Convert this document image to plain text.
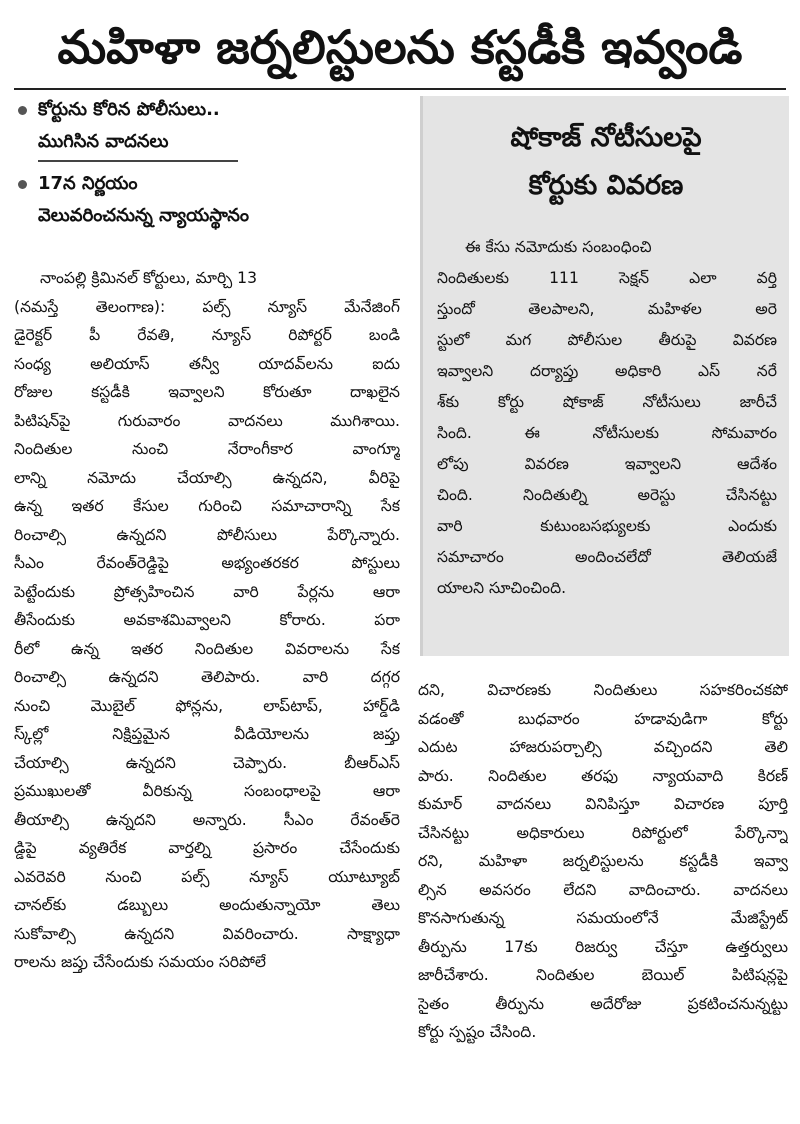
మహిళా జర్నలిస్టులను కస్టడీకి ఇవ్వండి
కోర్టును కోరిన పోలీసులు..
ముగిసిన వాదనలు
17న నిర్ణయం
వెలువరించనున్న న్యాయస్థానం
నాంపల్లి క్రిమినల్ కోర్టులు, మార్చి 13
(నమస్తే తెలంగాణ): పల్స్ న్యూస్ మేనేజింగ్
డైరెక్టర్ పీ రేవతి, న్యూస్ రిపోర్టర్ బండి
సంధ్య అలియాస్ తన్వీ యాదవ్‌లను ఐదు
రోజుల కస్టడీకి ఇవ్వాలని కోరుతూ దాఖలైన
పిటిషన్‌పై గురువారం వాదనలు ముగిశాయి.
నిందితుల నుంచి నేరాంగీకార వాంగ్మూ
లాన్ని నమోదు చేయాల్సి ఉన్నదని, వీరిపై
ఉన్న ఇతర కేసుల గురించి సమాచారాన్ని సేక
రించాల్సి ఉన్నదని పోలీసులు పేర్కొన్నారు.
సీఎం రేవంత్‌రెడ్డిపై అభ్యంతరకర పోస్టులు
పెట్టేందుకు ప్రోత్సహించిన వారి పేర్లను ఆరా
తీసేందుకు అవకాశమివ్వాలని కోరారు. పరా
రీలో ఉన్న ఇతర నిందితుల వివరాలను సేక
రించాల్సి ఉన్నదని తెలిపారు. వారి దగ్గర
నుంచి మొబైల్ ఫోన్లను, లాప్‌టాప్, హార్డ్‌డి
స్క్‌ల్లో నిక్షిప్తమైన వీడియోలను జప్తు
చేయాల్సి ఉన్నదని చెప్పారు. బీఆర్‌ఎస్
ప్రముఖులతో వీరికున్న సంబంధాలపై ఆరా
తీయాల్సి ఉన్నదని అన్నారు. సీఎం రేవంత్‌రె
డ్డిపై వ్యతిరేక వార్తల్ని ప్రసారం చేసేందుకు
ఎవరెవరి నుంచి పల్స్ న్యూస్ యూట్యూబ్
చానల్‌కు డబ్బులు అందుతున్నాయో తెలు
సుకోవాల్సి ఉన్నదని వివరించారు. సాక్ష్యాధా
రాలను జప్తు చేసేందుకు సమయం సరిపోలే
షోకాజ్ నోటీసులపై
కోర్టుకు వివరణ
ఈ కేసు నమోదుకు సంబంధించి
నిందితులకు 111 సెక్షన్ ఎలా వర్తి
స్తుందో తెలపాలని, మహిళల అరె
స్టులో మగ పోలీసుల తీరుపై వివరణ
ఇవ్వాలని దర్యాప్తు అధికారి ఎస్ నరే
శ్‌కు కోర్టు షోకాజ్ నోటీసులు జారీచే
సింది. ఈ నోటీసులకు సోమవారం
లోపు వివరణ ఇవ్వాలని ఆదేశం
చింది. నిందితుల్ని అరెస్టు చేసినట్టు
వారి కుటుంబసభ్యులకు ఎందుకు
సమాచారం అందించలేదో తెలియజే
యాలని సూచించింది.
దని, విచారణకు నిందితులు సహకరించకపో
వడంతో బుధవారం హడావుడిగా కోర్టు
ఎదుట హాజరుపర్చాల్సి వచ్చిందని తెలి
పారు. నిందితుల తరఫు న్యాయవాది కిరణ్
కుమార్ వాదనలు వినిపిస్తూ విచారణ పూర్తి
చేసినట్టు అధికారులు రిపోర్టులో పేర్కొన్నా
రని, మహిళా జర్నలిస్టులను కస్టడీకి ఇవ్వా
ల్సిన అవసరం లేదని వాదించారు. వాదనలు
కొనసాగుతున్న సమయంలోనే మేజిస్ట్రేట్
తీర్పును 17కు రిజర్వు చేస్తూ ఉత్తర్వులు
జారీచేశారు. నిందితుల బెయిల్ పిటిషన్లపై
సైతం తీర్పును అదేరోజు ప్రకటించనున్నట్టు
కోర్టు స్పష్టం చేసింది.
